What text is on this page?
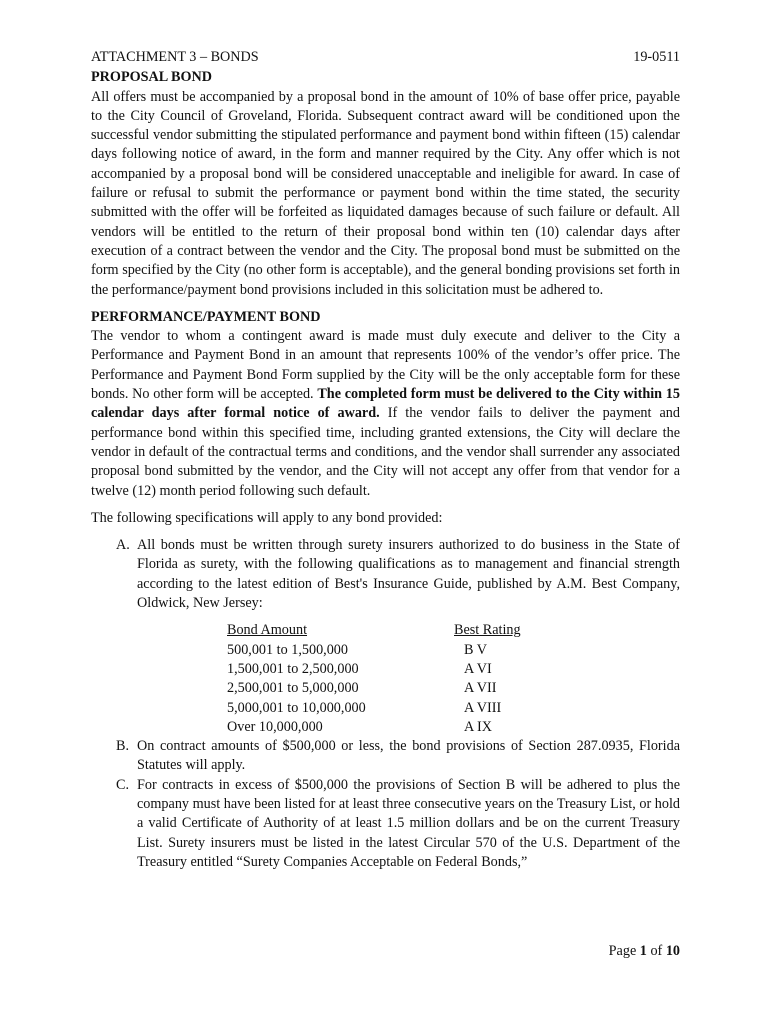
ATTACHMENT 3 – BONDS	19-0511
PROPOSAL BOND

All offers must be accompanied by a proposal bond in the amount of 10% of base offer price, payable to the City Council of Groveland, Florida. Subsequent contract award will be conditioned upon the successful vendor submitting the stipulated performance and payment bond within fifteen (15) calendar days following notice of award, in the form and manner required by the City. Any offer which is not accompanied by a proposal bond will be considered unacceptable and ineligible for award. In case of failure or refusal to submit the performance or payment bond within the time stated, the security submitted with the offer will be forfeited as liquidated damages because of such failure or default. All vendors will be entitled to the return of their proposal bond within ten (10) calendar days after execution of a contract between the vendor and the City. The proposal bond must be submitted on the form specified by the City (no other form is acceptable), and the general bonding provisions set forth in the performance/payment bond provisions included in this solicitation must be adhered to.

PERFORMANCE/PAYMENT BOND

The vendor to whom a contingent award is made must duly execute and deliver to the City a Performance and Payment Bond in an amount that represents 100% of the vendor’s offer price. The Performance and Payment Bond Form supplied by the City will be the only acceptable form for these bonds. No other form will be accepted. The completed form must be delivered to the City within 15 calendar days after formal notice of award. If the vendor fails to deliver the payment and performance bond within this specified time, including granted extensions, the City will declare the vendor in default of the contractual terms and conditions, and the vendor shall surrender any associated proposal bond submitted by the vendor, and the City will not accept any offer from that vendor for a twelve (12) month period following such default.

The following specifications will apply to any bond provided:

A. All bonds must be written through surety insurers authorized to do business in the State of Florida as surety, with the following qualifications as to management and financial strength according to the latest edition of Best's Insurance Guide, published by A.M. Best Company, Oldwick, New Jersey:
Bond Amount	Best Rating
500,001 to 1,500,000	B V
1,500,001 to 2,500,000	A VI
2,500,001 to 5,000,000	A VII
5,000,001 to 10,000,000	A VIII
Over 10,000,000	A IX
B. On contract amounts of $500,000 or less, the bond provisions of Section 287.0935, Florida Statutes will apply.
C. For contracts in excess of $500,000 the provisions of Section B will be adhered to plus the company must have been listed for at least three consecutive years on the Treasury List, or hold a valid Certificate of Authority of at least 1.5 million dollars and be on the current Treasury List. Surety insurers must be listed in the latest Circular 570 of the U.S. Department of the Treasury entitled “Surety Companies Acceptable on Federal Bonds,”
Page 1 of 10
